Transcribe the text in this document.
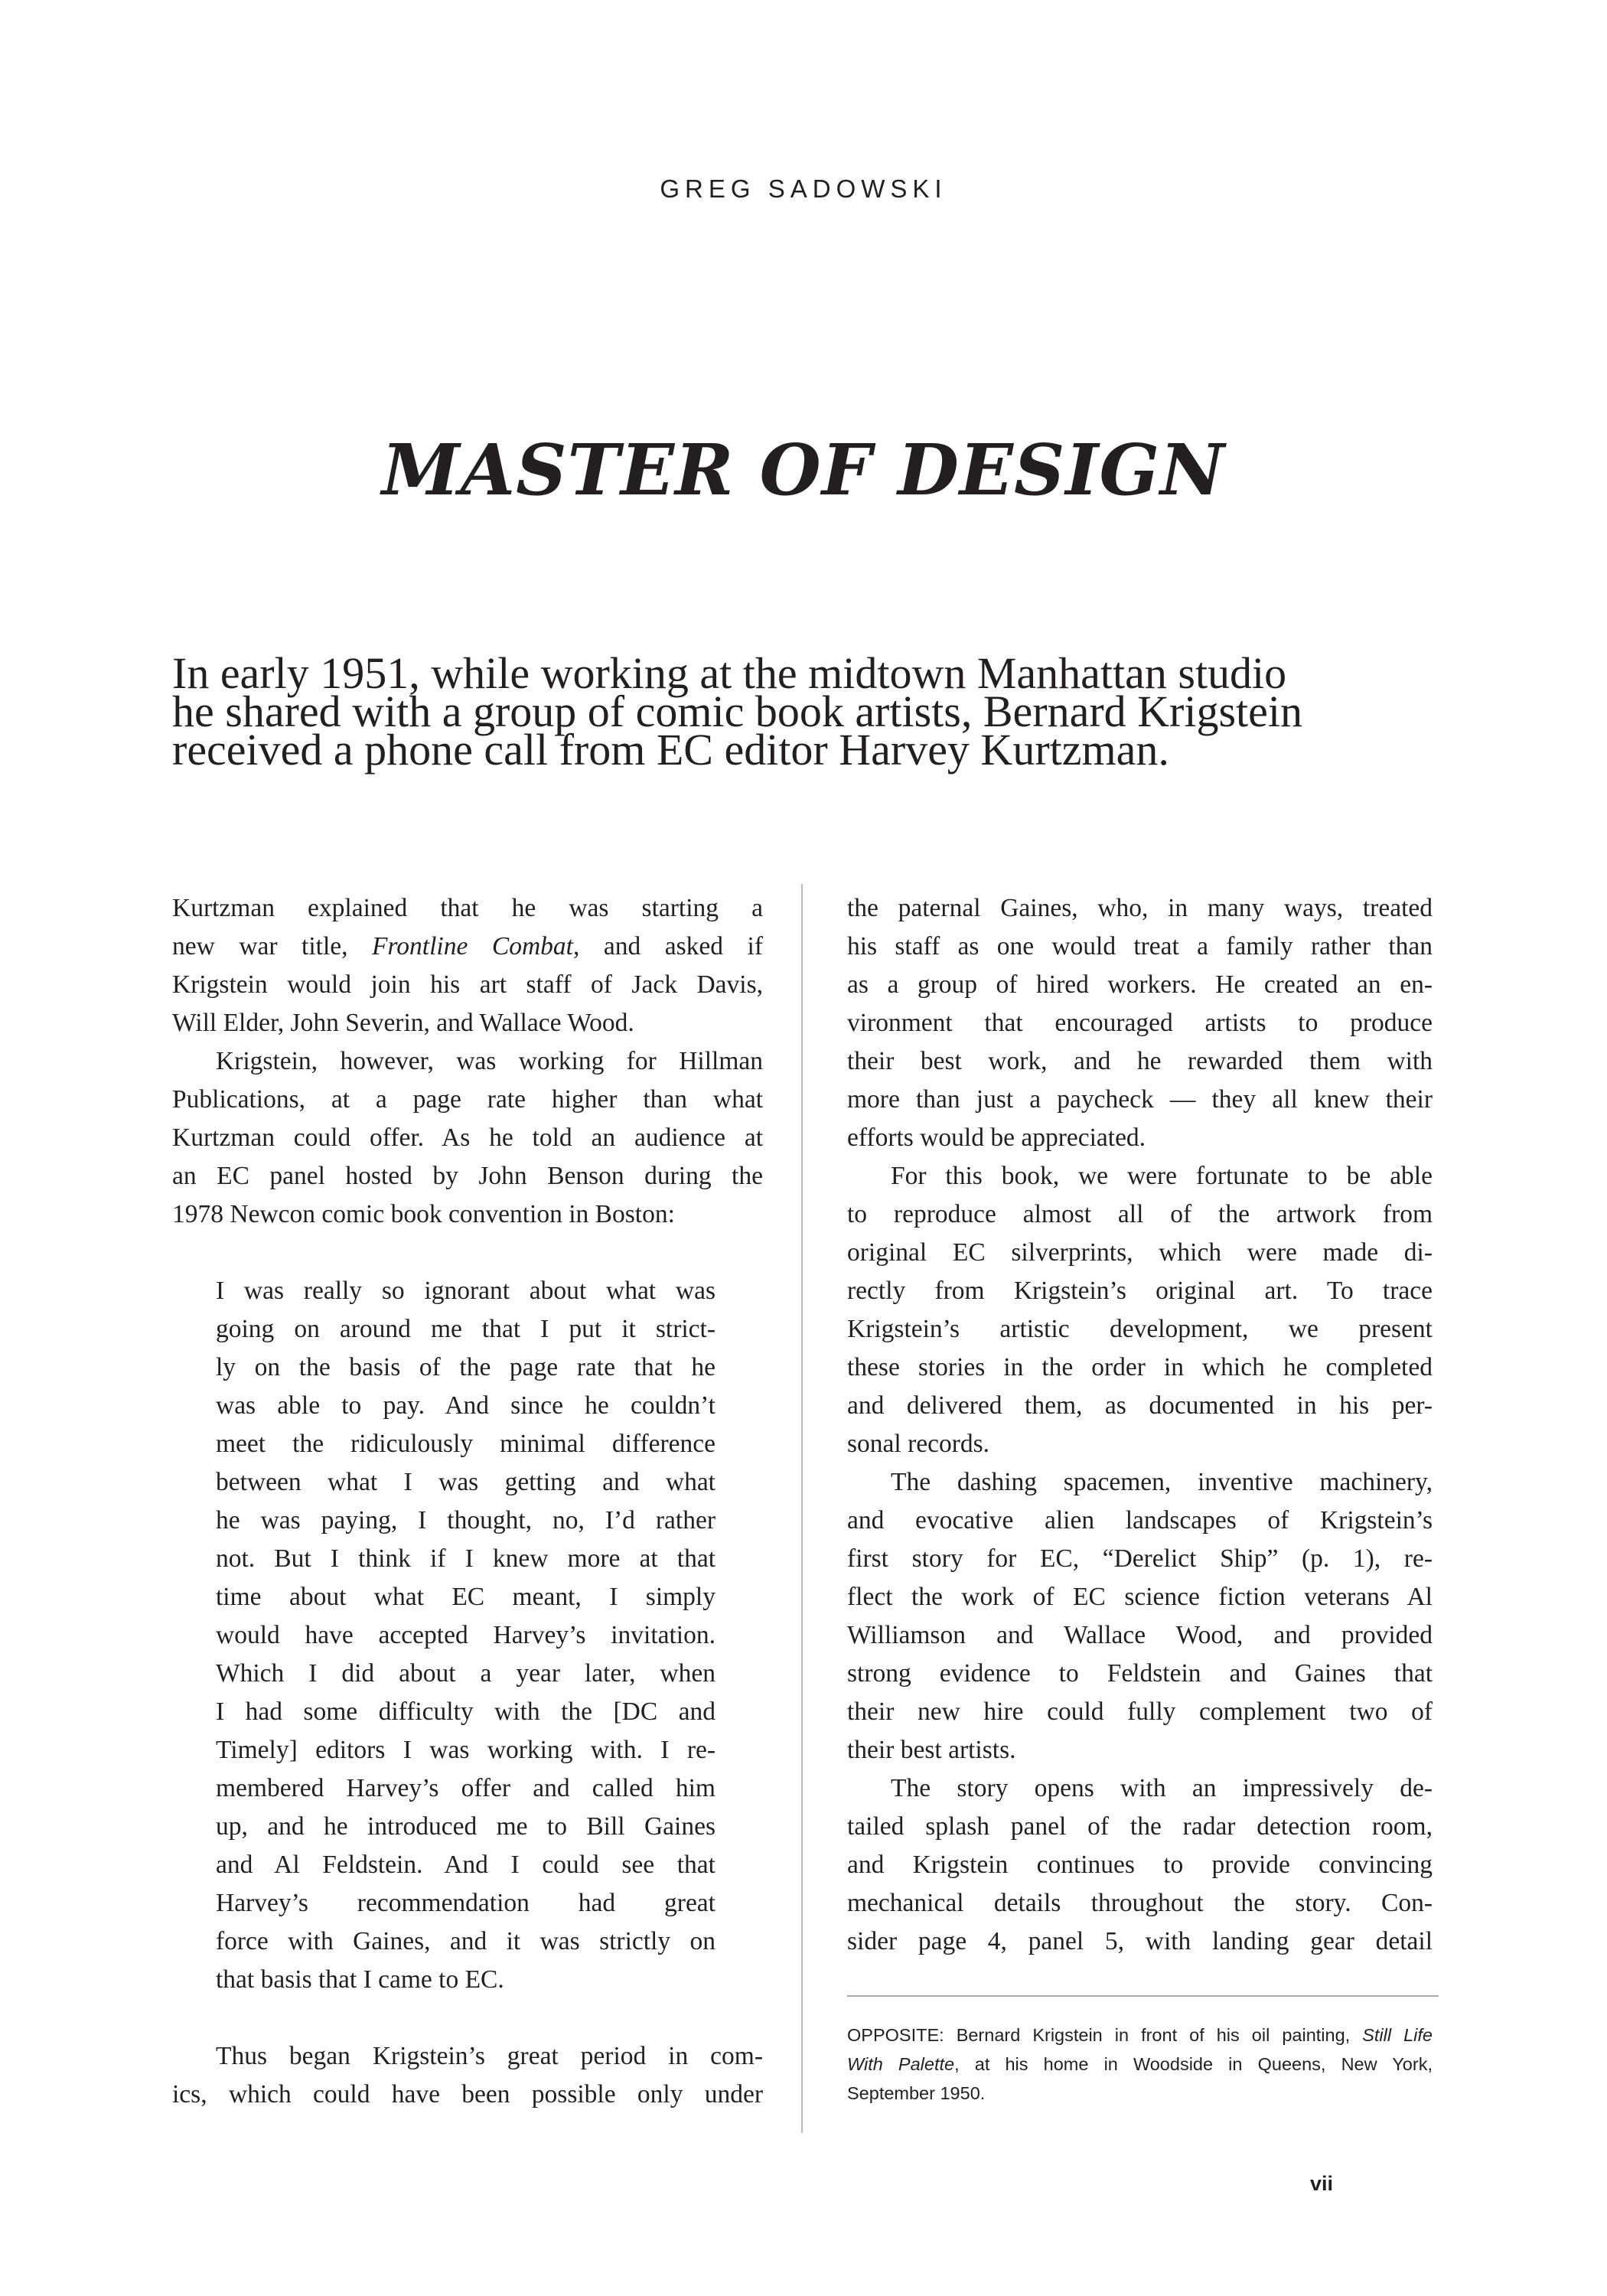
GREG SADOWSKI
MASTER OF DESIGN
In early 1951, while working at the midtown Manhattan studio
he shared with a group of comic book artists, Bernard Krigstein
received a phone call from EC editor Harvey Kurtzman.
Kurtzman explained that he was starting a
new war title, Frontline Combat, and asked if
Krigstein would join his art staff of Jack Davis,
Will Elder, John Severin, and Wallace Wood.
Krigstein, however, was working for Hillman
Publications, at a page rate higher than what
Kurtzman could offer. As he told an audience at
an EC panel hosted by John Benson during the
1978 Newcon comic book convention in Boston:
I was really so ignorant about what was
going on around me that I put it strict-
ly on the basis of the page rate that he
was able to pay. And since he couldn’t
meet the ridiculously minimal difference
between what I was getting and what
he was paying, I thought, no, I’d rather
not. But I think if I knew more at that
time about what EC meant, I simply
would have accepted Harvey’s invitation.
Which I did about a year later, when
I had some difficulty with the [DC and
Timely] editors I was working with. I re-
membered Harvey’s offer and called him
up, and he introduced me to Bill Gaines
and Al Feldstein. And I could see that
Harvey’s recommendation had great
force with Gaines, and it was strictly on
that basis that I came to EC.
Thus began Krigstein’s great period in com-
ics, which could have been possible only under
the paternal Gaines, who, in many ways, treated
his staff as one would treat a family rather than
as a group of hired workers. He created an en-
vironment that encouraged artists to produce
their best work, and he rewarded them with
more than just a paycheck — they all knew their
efforts would be appreciated.
For this book, we were fortunate to be able
to reproduce almost all of the artwork from
original EC silverprints, which were made di-
rectly from Krigstein’s original art. To trace
Krigstein’s artistic development, we present
these stories in the order in which he completed
and delivered them, as documented in his per-
sonal records.
The dashing spacemen, inventive machinery,
and evocative alien landscapes of Krigstein’s
first story for EC, “Derelict Ship” (p. 1), re-
flect the work of EC science fiction veterans Al
Williamson and Wallace Wood, and provided
strong evidence to Feldstein and Gaines that
their new hire could fully complement two of
their best artists.
The story opens with an impressively de-
tailed splash panel of the radar detection room,
and Krigstein continues to provide convincing
mechanical details throughout the story. Con-
sider page 4, panel 5, with landing gear detail
OPPOSITE: Bernard Krigstein in front of his oil painting, Still Life
With Palette, at his home in Woodside in Queens, New York,
September 1950.
vii
